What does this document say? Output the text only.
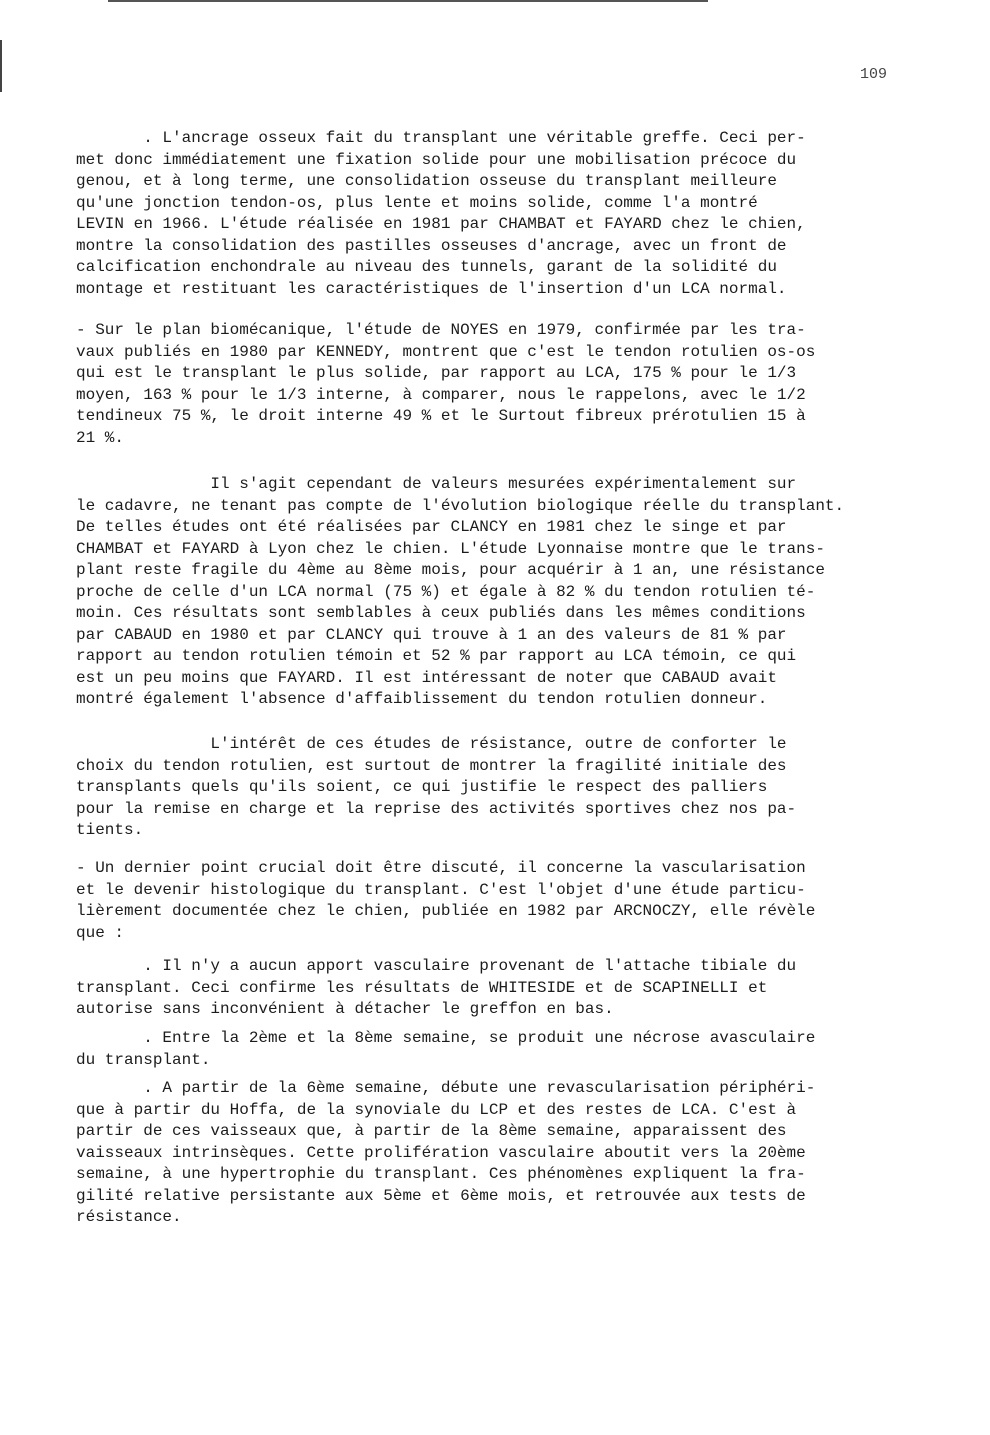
109
. L'ancrage osseux fait du transplant une véritable greffe. Ceci per-
met donc immédiatement une fixation solide pour une mobilisation précoce du
genou, et à long terme, une consolidation osseuse du transplant meilleure
qu'une jonction tendon-os, plus lente et moins solide, comme l'a montré
LEVIN en 1966. L'étude réalisée en 1981 par CHAMBAT et FAYARD chez le chien,
montre la consolidation des pastilles osseuses d'ancrage, avec un front de
calcification enchondrale au niveau des tunnels, garant de la solidité du
montage et restituant les caractéristiques de l'insertion d'un LCA normal.
- Sur le plan biomécanique, l'étude de NOYES en 1979, confirmée par les tra-
vaux publiés en 1980 par KENNEDY, montrent que c'est le tendon rotulien os-os
qui est le transplant le plus solide, par rapport au LCA, 175 % pour le 1/3
moyen, 163 % pour le 1/3 interne, à comparer, nous le rappelons, avec le 1/2
tendineux 75 %, le droit interne 49 % et le Surtout fibreux prérotulien 15 à
21 %.
Il s'agit cependant de valeurs mesurées expérimentalement sur
le cadavre, ne tenant pas compte de l'évolution biologique réelle du transplant.
De telles études ont été réalisées par CLANCY en 1981 chez le singe et par
CHAMBAT et FAYARD à Lyon chez le chien. L'étude Lyonnaise montre que le trans-
plant reste fragile du 4ème au 8ème mois, pour acquérir à 1 an, une résistance
proche de celle d'un LCA normal (75 %) et égale à 82 % du tendon rotulien té-
moin. Ces résultats sont semblables à ceux publiés dans les mêmes conditions
par CABAUD en 1980 et par CLANCY qui trouve à 1 an des valeurs de 81 % par
rapport au tendon rotulien témoin et 52 % par rapport au LCA témoin, ce qui
est un peu moins que FAYARD. Il est intéressant de noter que CABAUD avait
montré également l'absence d'affaiblissement du tendon rotulien donneur.
L'intérêt de ces études de résistance, outre de conforter le
choix du tendon rotulien, est surtout de montrer la fragilité initiale des
transplants quels qu'ils soient, ce qui justifie le respect des palliers
pour la remise en charge et la reprise des activités sportives chez nos pa-
tients.
- Un dernier point crucial doit être discuté, il concerne la vascularisation
et le devenir histologique du transplant. C'est l'objet d'une étude particu-
lièrement documentée chez le chien, publiée en 1982 par ARCNOCZY, elle révèle
que :
. Il n'y a aucun apport vasculaire provenant de l'attache tibiale du
transplant. Ceci confirme les résultats de WHITESIDE et de SCAPINELLI et
autorise sans inconvénient à détacher le greffon en bas.
. Entre la 2ème et la 8ème semaine, se produit une nécrose avasculaire
du transplant.
. A partir de la 6ème semaine, débute une revascularisation périphéri-
que à partir du Hoffa, de la synoviale du LCP et des restes de LCA. C'est à
partir de ces vaisseaux que, à partir de la 8ème semaine, apparaissent des
vaisseaux intrinsèques. Cette prolifération vasculaire aboutit vers la 20ème
semaine, à une hypertrophie du transplant. Ces phénomènes expliquent la fra-
gilité relative persistante aux 5ème et 6ème mois, et retrouvée aux tests de
résistance.
